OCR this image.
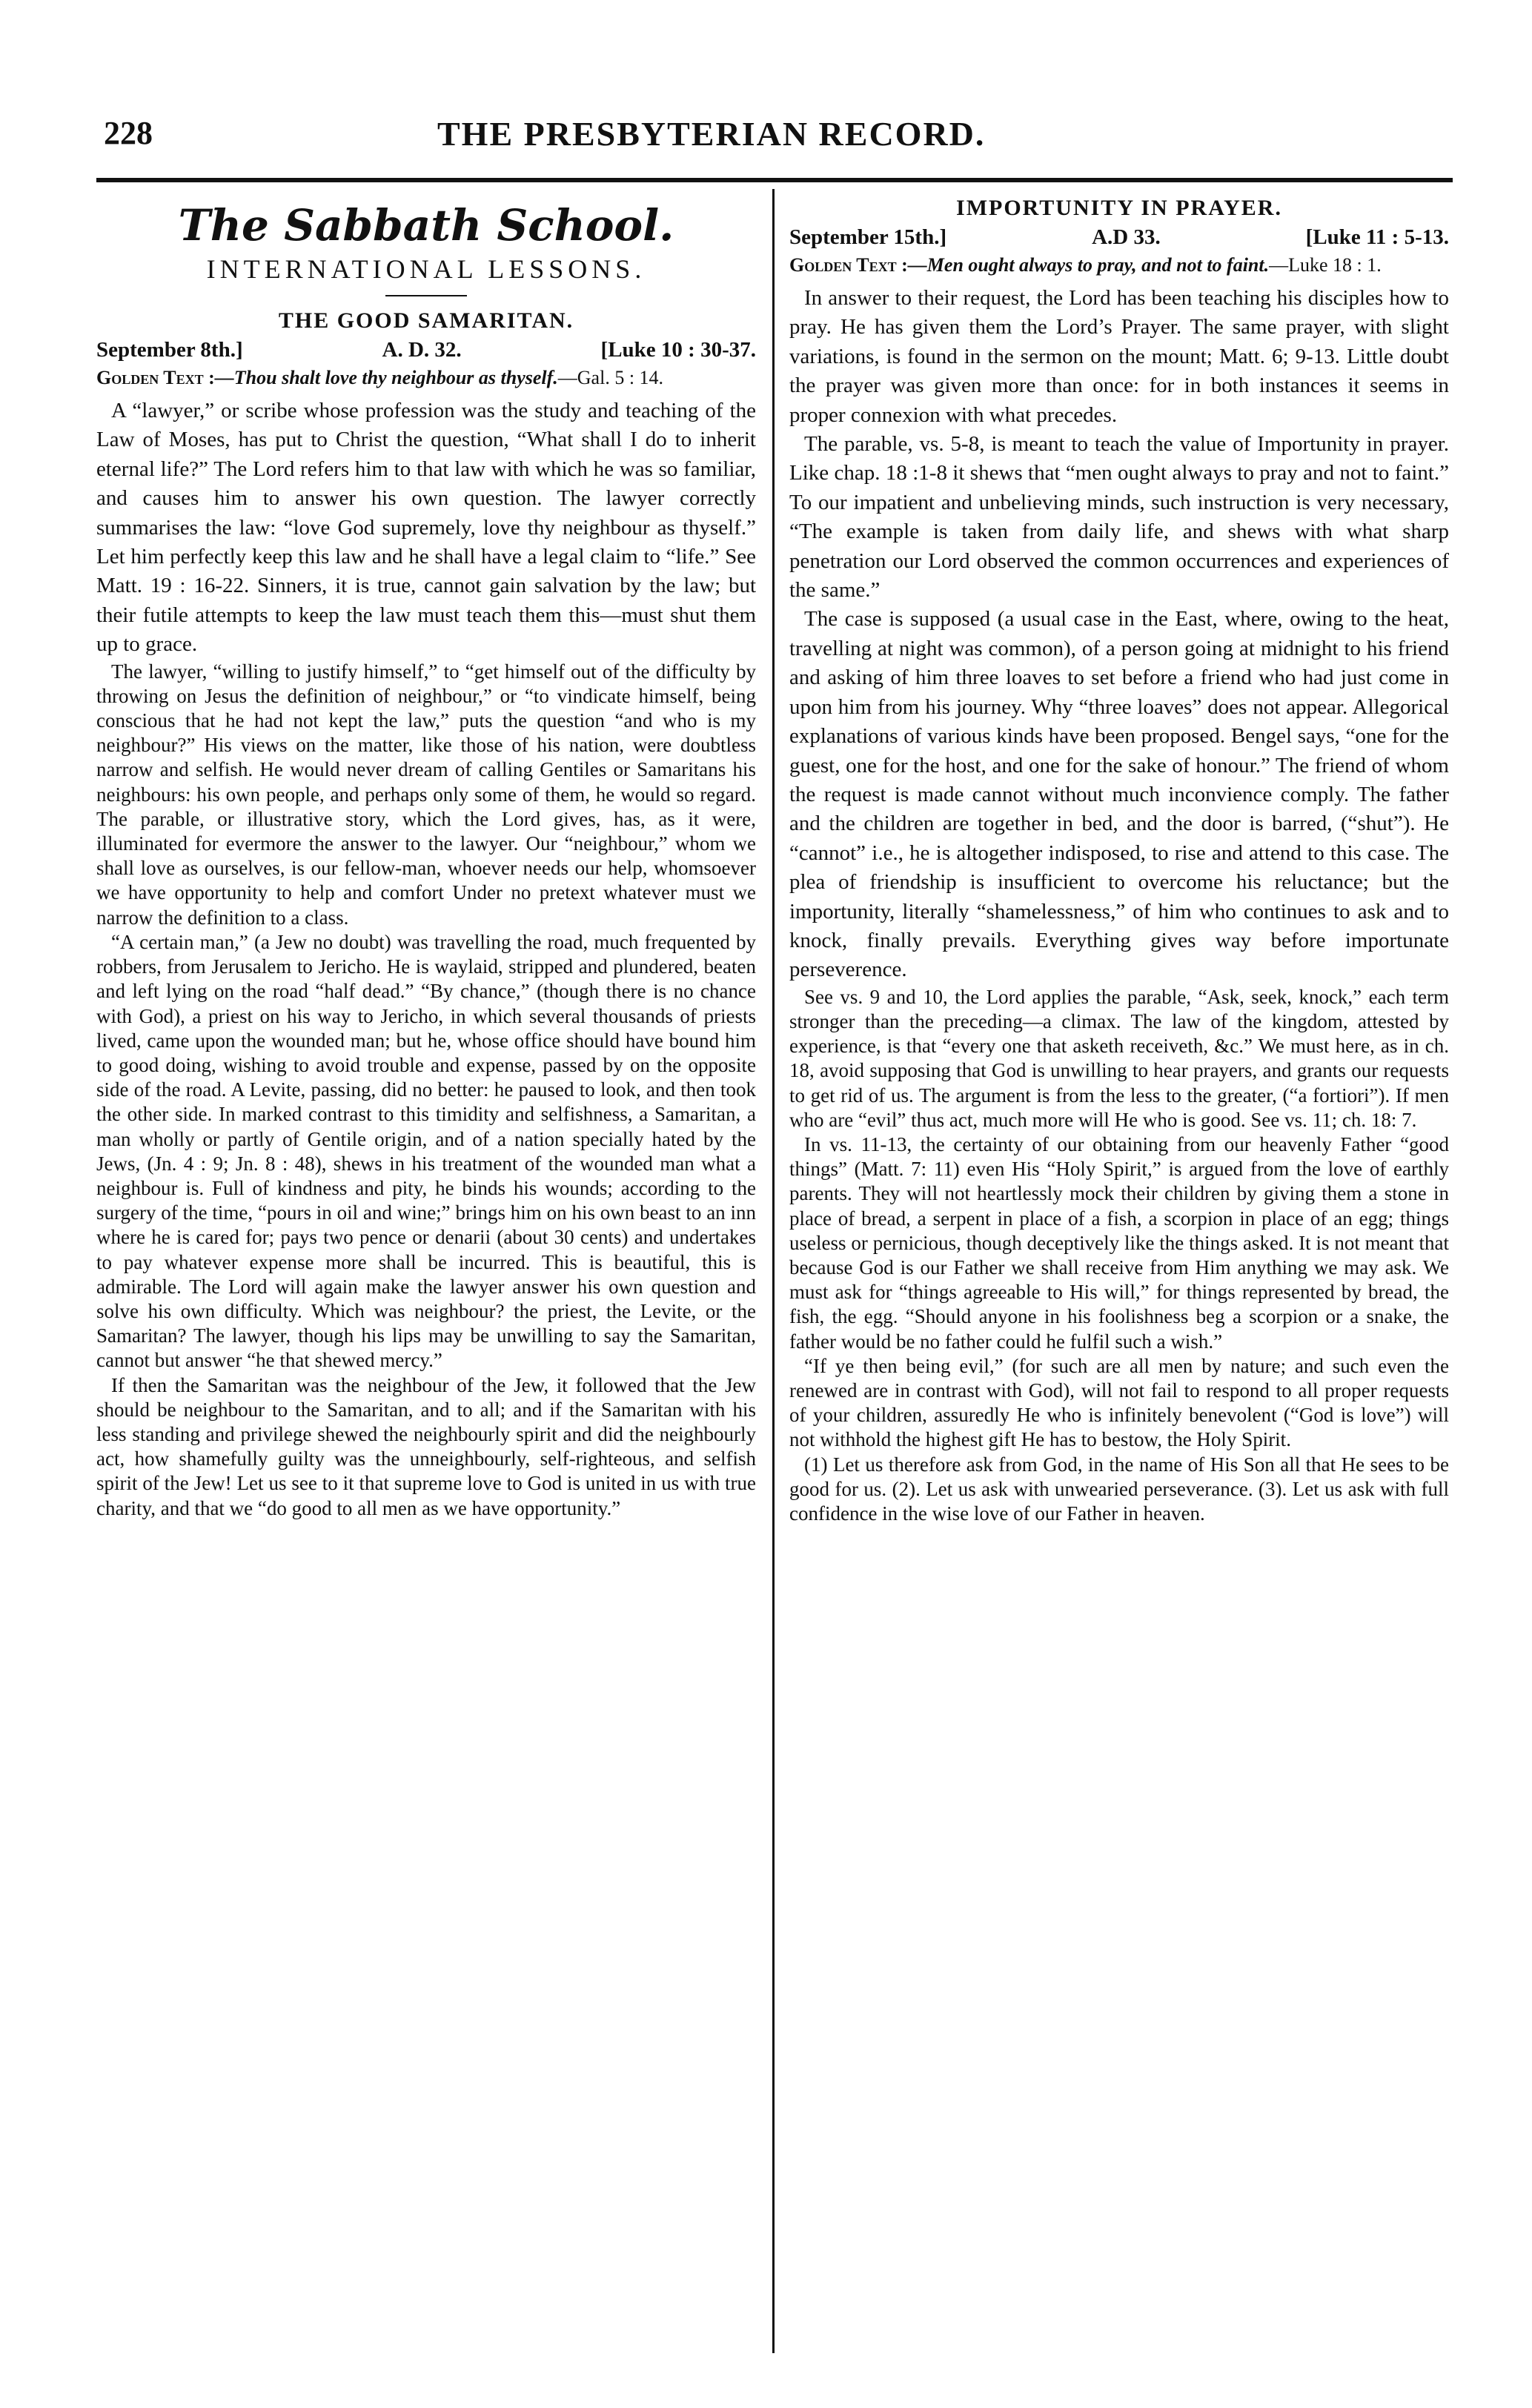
228	THE PRESBYTERIAN RECORD.
The Sabbath School.
INTERNATIONAL LESSONS.
THE GOOD SAMARITAN.
September 8th.]	A. D. 32.	[Luke 10 : 30-37.
Golden Text :—Thou shalt love thy neighbour as thyself.—Gal. 5 : 14.

A “lawyer,” or scribe whose profession was the study and teaching of the Law of Moses, has put to Christ the question, “What shall I do to inherit eternal life?” The Lord refers him to that law with which he was so familiar, and causes him to answer his own question. The lawyer correctly summarises the law: “love God supremely, love thy neighbour as thyself.” Let him perfectly keep this law and he shall have a legal claim to “life.” See Matt. 19 : 16-22. Sinners, it is true, cannot gain salvation by the law; but their futile attempts to keep the law must teach them this—must shut them up to grace.

The lawyer, “willing to justify himself,” to “get himself out of the difficulty by throwing on Jesus the definition of neighbour,” or “to vindicate himself, being conscious that he had not kept the law,” puts the question “and who is my neighbour?” His views on the matter, like those of his nation, were doubtless narrow and selfish. He would never dream of calling Gentiles or Samaritans his neighbours: his own people, and perhaps only some of them, he would so regard. The parable, or illustrative story, which the Lord gives, has, as it were, illuminated for evermore the answer to the lawyer. Our “neighbour,” whom we shall love as ourselves, is our fellow-man, whoever needs our help, whomsoever we have opportunity to help and comfort Under no pretext whatever must we narrow the definition to a class.

“A certain man,” (a Jew no doubt) was travelling the road, much frequented by robbers, from Jerusalem to Jericho. He is waylaid, stripped and plundered, beaten and left lying on the road “half dead.” “By chance,” (though there is no chance with God), a priest on his way to Jericho, in which several thousands of priests lived, came upon the wounded man; but he, whose office should have bound him to good doing, wishing to avoid trouble and expense, passed by on the opposite side of the road. A Levite, passing, did no better: he paused to look, and then took the other side. In marked contrast to this timidity and selfishness, a Samaritan, a man wholly or partly of Gentile origin, and of a nation specially hated by the Jews, (Jn. 4 : 9; Jn. 8 : 48), shews in his treatment of the wounded man what a neighbour is. Full of kindness and pity, he binds his wounds; according to the surgery of the time, “pours in oil and wine;” brings him on his own beast to an inn where he is cared for; pays two pence or denarii (about 30 cents) and undertakes to pay whatever expense more shall be incurred. This is beautiful, this is admirable. The Lord will again make the lawyer answer his own question and solve his own difficulty. Which was neighbour? the priest, the Levite, or the Samaritan? The lawyer, though his lips may be unwilling to say the Samaritan, cannot but answer “he that shewed mercy.”

If then the Samaritan was the neighbour of the Jew, it followed that the Jew should be neighbour to the Samaritan, and to all; and if the Samaritan with his less standing and privilege shewed the neighbourly spirit and did the neighbourly act, how shamefully guilty was the unneighbourly, self-righteous, and selfish spirit of the Jew! Let us see to it that supreme love to God is united in us with true charity, and that we “do good to all men as we have opportunity.”

IMPORTUNITY IN PRAYER.
September 15th.]	A.D 33.	[Luke 11 : 5-13.
Golden Text :—Men ought always to pray, and not to faint.—Luke 18 : 1.

In answer to their request, the Lord has been teaching his disciples how to pray. He has given them the Lord’s Prayer. The same prayer, with slight variations, is found in the sermon on the mount; Matt. 6; 9-13. Little doubt the prayer was given more than once: for in both instances it seems in proper connexion with what precedes.

The parable, vs. 5-8, is meant to teach the value of Importunity in prayer. Like chap. 18 :1-8 it shews that “men ought always to pray and not to faint.” To our impatient and unbelieving minds, such instruction is very necessary, “The example is taken from daily life, and shews with what sharp penetration our Lord observed the common occurrences and experiences of the same.”

The case is supposed (a usual case in the East, where, owing to the heat, travelling at night was common), of a person going at midnight to his friend and asking of him three loaves to set before a friend who had just come in upon him from his journey. Why “three loaves” does not appear. Allegorical explanations of various kinds have been proposed. Bengel says, “one for the guest, one for the host, and one for the sake of honour.” The friend of whom the request is made cannot without much inconvience comply. The father and the children are together in bed, and the door is barred, (“shut”). He “cannot” i.e., he is altogether indisposed, to rise and attend to this case. The plea of friendship is insufficient to overcome his reluctance; but the importunity, literally “shamelessness,” of him who continues to ask and to knock, finally prevails. Everything gives way before importunate perseverence.

See vs. 9 and 10, the Lord applies the parable, “Ask, seek, knock,” each term stronger than the preceding—a climax. The law of the kingdom, attested by experience, is that “every one that asketh receiveth, &c.” We must here, as in ch. 18, avoid supposing that God is unwilling to hear prayers, and grants our requests to get rid of us. The argument is from the less to the greater, (“a fortiori”). If men who are “evil” thus act, much more will He who is good. See vs. 11; ch. 18: 7.

In vs. 11-13, the certainty of our obtaining from our heavenly Father “good things” (Matt. 7: 11) even His “Holy Spirit,” is argued from the love of earthly parents. They will not heartlessly mock their children by giving them a stone in place of bread, a serpent in place of a fish, a scorpion in place of an egg; things useless or pernicious, though deceptively like the things asked. It is not meant that because God is our Father we shall receive from Him anything we may ask. We must ask for “things agreeable to His will,” for things represented by bread, the fish, the egg. “Should anyone in his foolishness beg a scorpion or a snake, the father would be no father could he fulfil such a wish.”

“If ye then being evil,” (for such are all men by nature; and such even the renewed are in contrast with God), will not fail to respond to all proper requests of your children, assuredly He who is infinitely benevolent (“God is love”) will not withhold the highest gift He has to bestow, the Holy Spirit.

(1) Let us therefore ask from God, in the name of His Son all that He sees to be good for us. (2). Let us ask with unwearied perseverance. (3). Let us ask with full confidence in the wise love of our Father in heaven.
